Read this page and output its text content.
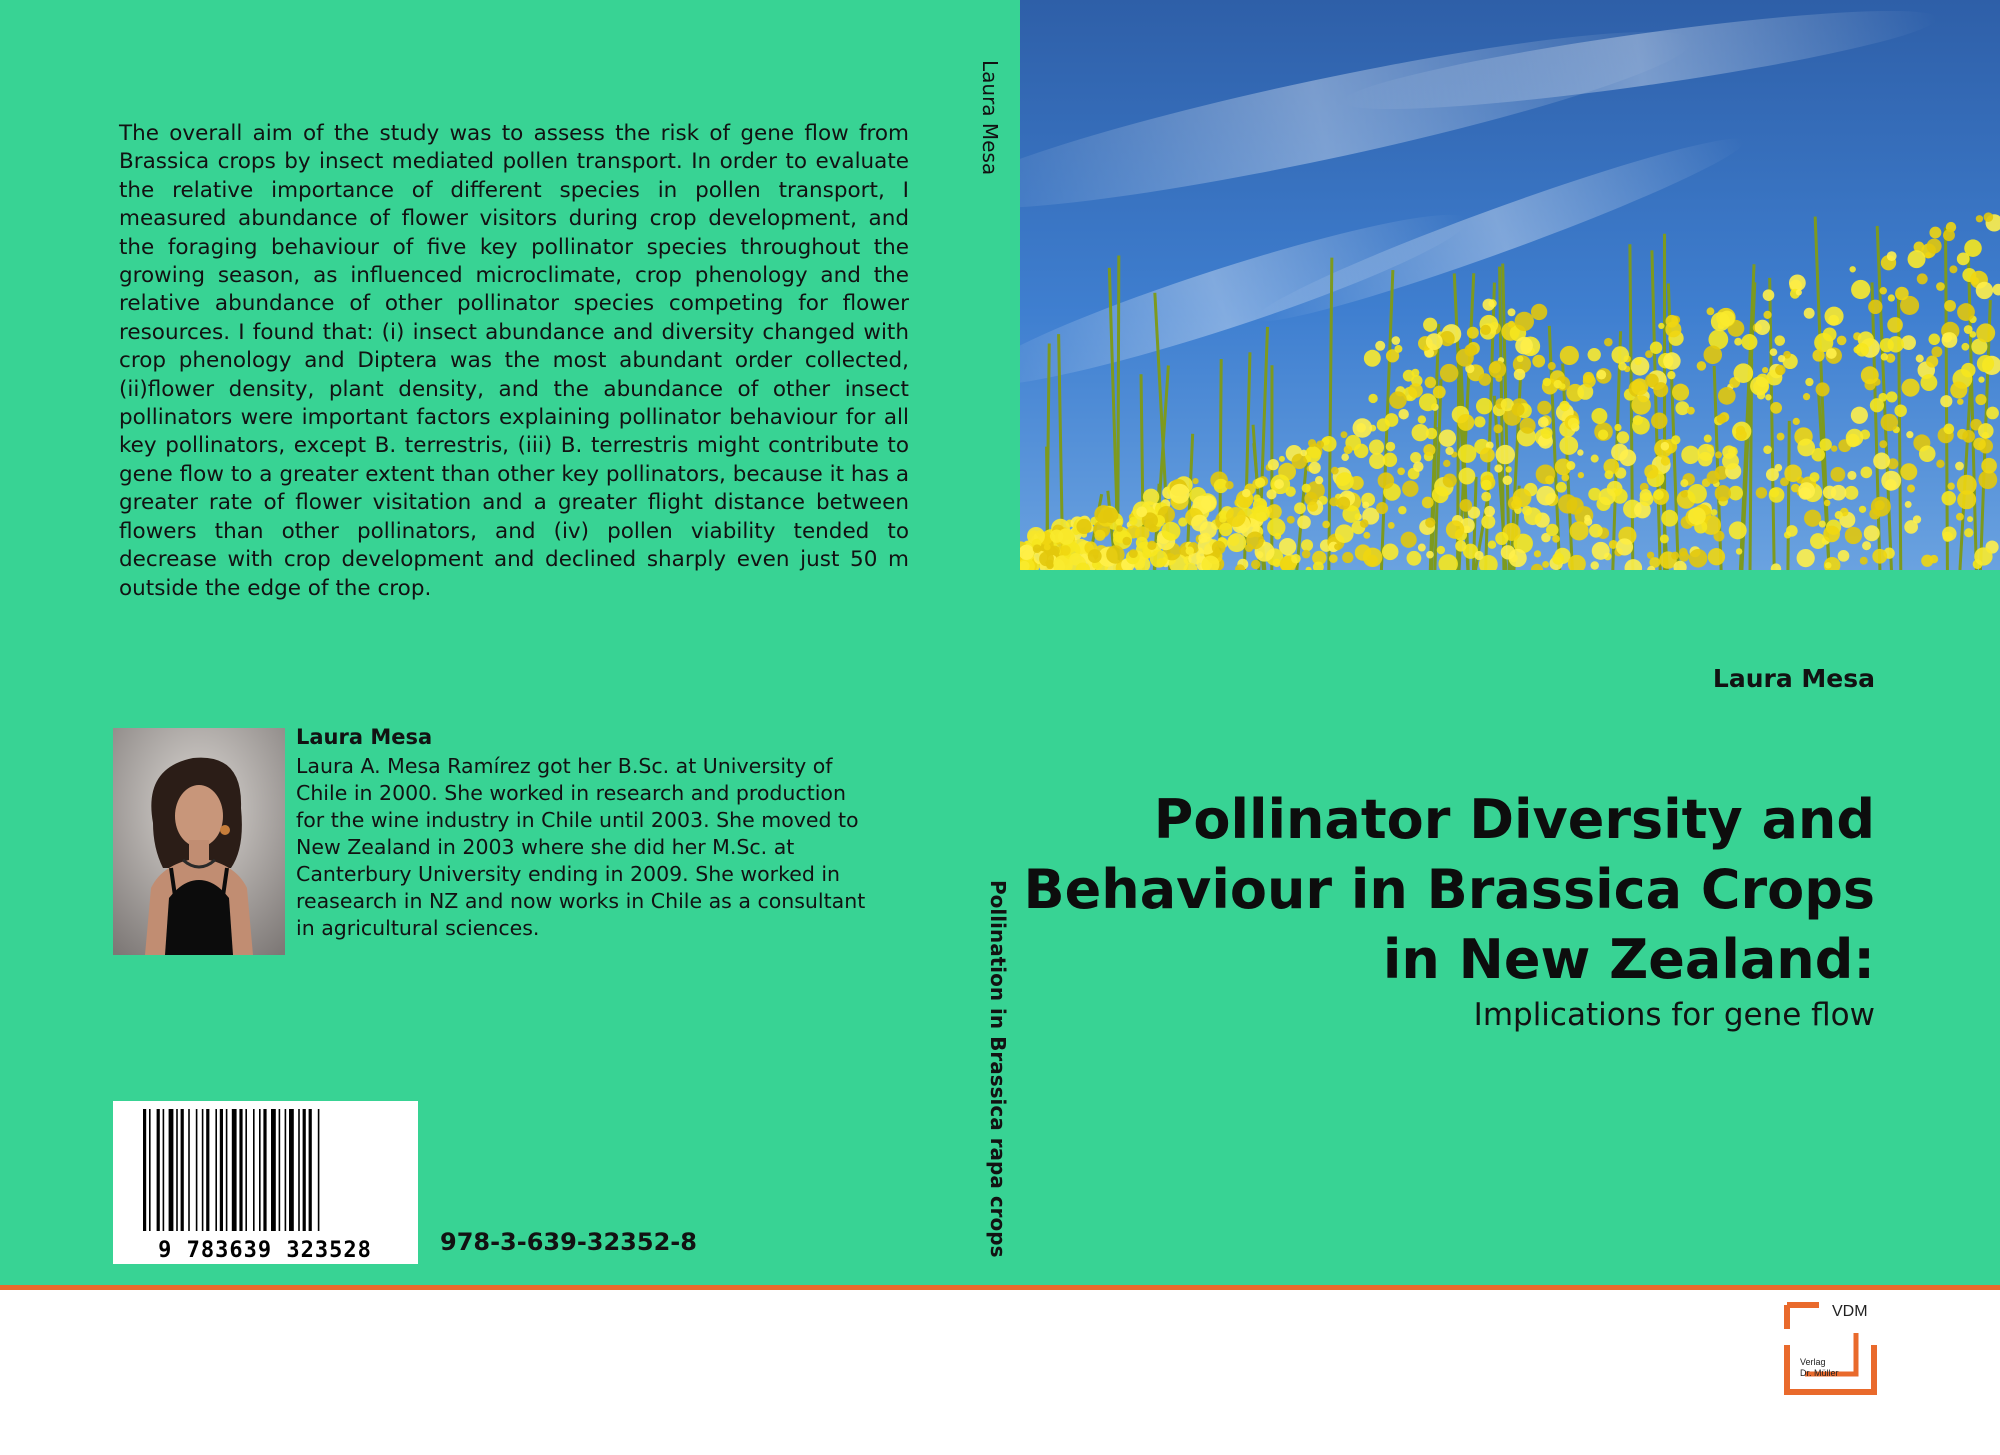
The overall aim of the study was to assess the risk of gene flow from Brassica crops by insect mediated pollen transport. In order to evaluate the relative importance of different species in pollen transport, I measured abundance of flower visitors during crop development, and the foraging behaviour of five key pollinator species throughout the growing season, as influenced microclimate, crop phenology and the relative abundance of other pollinator species competing for flower resources. I found that: (i) insect abundance and diversity changed with crop phenology and Diptera was the most abundant order collected, (ii)flower density, plant density, and the abundance of other insect pollinators were important factors explaining pollinator behaviour for all key pollinators, except B. terrestris, (iii) B. terrestris might contribute to gene flow to a greater extent than other key pollinators, because it has a greater rate of flower visitation and a greater flight distance between flowers than other pollinators, and (iv) pollen viability tended to decrease with crop development and declined sharply even just 50 m outside the edge of the crop.

Laura Mesa

Laura A. Mesa Ramírez got her B.Sc. at University of Chile in 2000. She worked in research and production for the wine industry in Chile until 2003. She moved to New Zealand in 2003 where she did her M.Sc. at Canterbury University ending in 2009. She worked in reasearch in NZ and now works in Chile as a consultant in agricultural sciences.

9 783639 323528	978-3-639-32352-8
Laura Mesa
Pollination in Brassica rapa crops
Laura Mesa
Pollinator Diversity and
Behaviour in Brassica Crops
in New Zealand:

Implications for gene flow

VDM
Verlag
Dr. Müller
